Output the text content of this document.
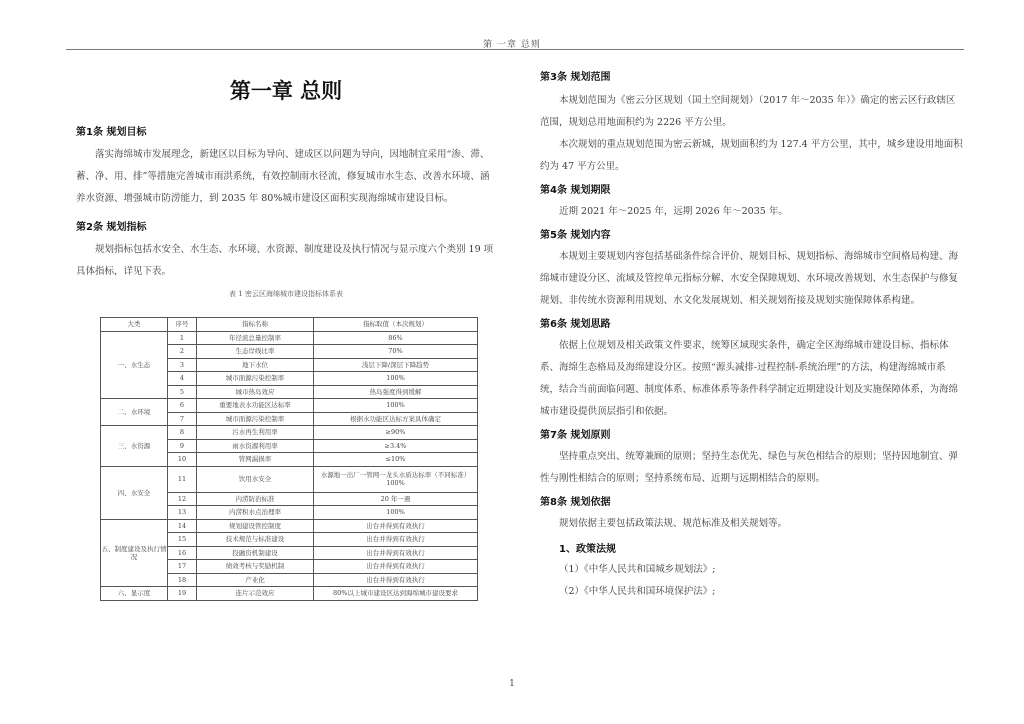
第 一章 总则
第一章 总则

第1条 规划目标

落实海绵城市发展理念，新建区以目标为导向、建成区以问题为导向，因地制宜采用“渗、滞、蓄、净、用、排”等措施完善城市雨洪系统，有效控制雨水径流，修复城市水生态、改善水环境、涵养水资源、增强城市防涝能力，到 2035 年 80%城市建设区面积实现海绵城市建设目标。

第2条 规划指标

规划指标包括水安全、水生态、水环境、水资源、制度建设及执行情况与显示度六个类别 19 项具体指标，详见下表。

表 1 密云区海绵城市建设指标体系表
大类	序号	指标名称	指标取值（本次规划）
一、水生态	1	年径流总量控制率	86%
	2	生态岸线比率	70%
	3	地下水位	浅层下降/深层下降趋势
	4	城市面源污染控制率	100%
	5	城市热岛效应	热岛强度得到缓解
二、水环境	6	重要地表水功能区达标率	100%
	7	城市面源污染控制率	根据水功能区达标方案具体确定
三、水资源	8	污水再生利用率	≥90%
	9	雨水资源利用率	≥3.4%
	10	管网漏损率	≤10%
四、水安全	11	饮用水安全	水源地一出厂一管网一龙头水质达标率（不同标准）100%
	12	内涝防治标准	20 年一遇
	13	内涝积水点治理率	100%
五、制度建设及执行情况	14	规划建设管控制度	出台并得到有效执行
	15	技术规范与标准建设	出台并得到有效执行
	16	投融资机制建设	出台并得到有效执行
	17	绩效考核与奖励机制	出台并得到有效执行
	18	产业化	出台并得到有效执行
六、显示度	19	连片示范效应	80%以上城市建设区达到海绵城市建设要求

第3条 规划范围

本规划范围为《密云分区规划（国土空间规划）（2017 年～2035 年）》确定的密云区行政辖区范围，规划总用地面积约为 2226 平方公里。

本次规划的重点规划范围为密云新城，规划面积约为 127.4 平方公里，其中，城乡建设用地面积约为 47 平方公里。

第4条 规划期限

近期 2021 年～2025 年，远期 2026 年～2035 年。

第5条 规划内容

本规划主要规划内容包括基础条件综合评价、规划目标、规划指标、海绵城市空间格局构建、海绵城市建设分区、流域及管控单元指标分解、水安全保障规划、水环境改善规划、水生态保护与修复规划、非传统水资源利用规划、水文化发展规划、相关规划衔接及规划实施保障体系构建。

第6条 规划思路

依据上位规划及相关政策文件要求，统筹区域现实条件，确定全区海绵城市建设目标、指标体系、海绵生态格局及海绵建设分区。按照“源头减排-过程控制-系统治理”的方法，构建海绵城市系统，结合当前面临问题、制度体系、标准体系等条件科学制定近期建设计划及实施保障体系，为海绵城市建设提供顶层指引和依据。

第7条 规划原则

坚持重点突出、统筹兼顾的原则；坚持生态优先、绿色与灰色相结合的原则；坚持因地制宜、弹性与刚性相结合的原则；坚持系统布局、近期与远期相结合的原则。

第8条 规划依据

规划依据主要包括政策法规、规范标准及相关规划等。

1、政策法规

（1）《中华人民共和国城乡规划法》;

（2）《中华人民共和国环境保护法》;

1
